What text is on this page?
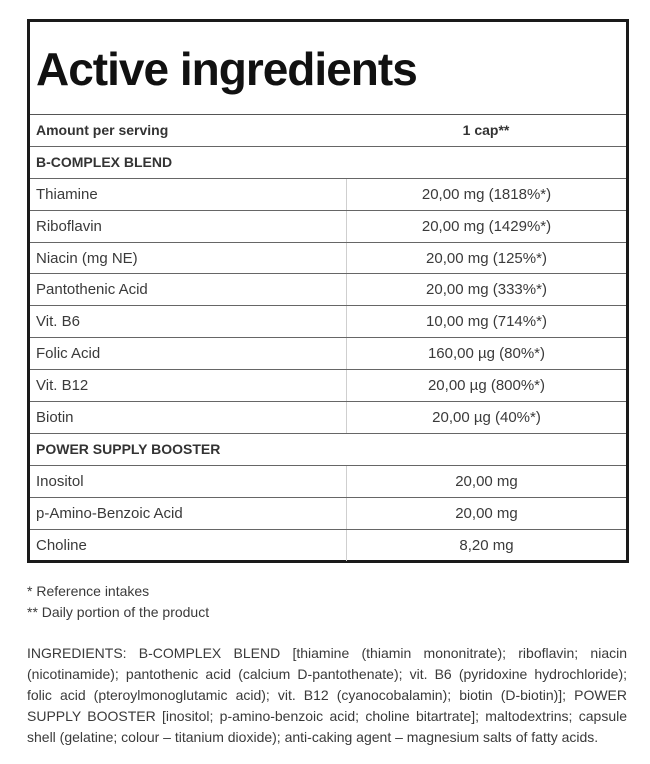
Active ingredients
Amount per serving	1 cap**
B-COMPLEX BLEND
Thiamine	20,00 mg (1818%*)
Riboflavin	20,00 mg (1429%*)
Niacin (mg NE)	20,00 mg (125%*)
Pantothenic Acid	20,00 mg (333%*)
Vit. B6	10,00 mg (714%*)
Folic Acid	160,00 µg (80%*)
Vit. B12	20,00 µg (800%*)
Biotin	20,00 µg (40%*)
POWER SUPPLY BOOSTER
Inositol	20,00 mg
p-Amino-Benzoic Acid	20,00 mg
Choline	8,20 mg
* Reference intakes
** Daily portion of the product
INGREDIENTS: B-COMPLEX BLEND [thiamine (thiamin mononitrate); riboflavin; niacin (nicotinamide); pantothenic acid (calcium D-pantothenate); vit. B6 (pyridoxine hydrochloride); folic acid (pteroylmonoglutamic acid); vit. B12 (cyanocobalamin); biotin (D-biotin)]; POWER SUPPLY BOOSTER [inositol; p-amino-benzoic acid; choline bitartrate]; maltodextrins; capsule shell (gelatine; colour – titanium dioxide); anti-caking agent – magnesium salts of fatty acids.
